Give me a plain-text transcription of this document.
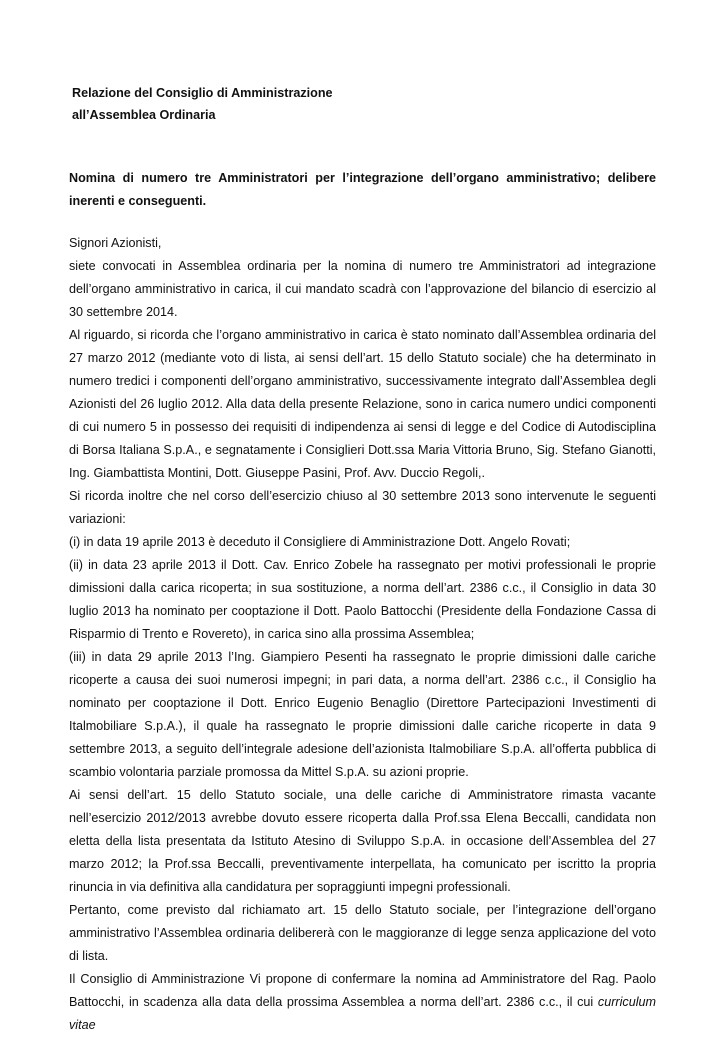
Relazione del Consiglio di Amministrazione
all’Assemblea Ordinaria
Nomina di numero tre Amministratori per l’integrazione dell’organo amministrativo; delibere inerenti e conseguenti.

Signori Azionisti,

siete convocati in Assemblea ordinaria per la nomina di numero tre Amministratori ad integrazione dell’organo amministrativo in carica, il cui mandato scadrà con l’approvazione del bilancio di esercizio al 30 settembre 2014.

Al riguardo, si ricorda che l’organo amministrativo in carica è stato nominato dall’Assemblea ordinaria del 27 marzo 2012 (mediante voto di lista, ai sensi dell’art. 15 dello Statuto sociale) che ha determinato in numero tredici i componenti dell’organo amministrativo, successivamente integrato dall’Assemblea degli Azionisti del 26 luglio 2012. Alla data della presente Relazione, sono in carica numero undici componenti di cui numero 5 in possesso dei requisiti di indipendenza ai sensi di legge e del Codice di Autodisciplina di Borsa Italiana S.p.A., e segnatamente i Consiglieri Dott.ssa Maria Vittoria Bruno, Sig. Stefano Gianotti, Ing. Giambattista Montini, Dott. Giuseppe Pasini, Prof. Avv. Duccio Regoli,.

Si ricorda inoltre che nel corso dell’esercizio chiuso al 30 settembre 2013 sono intervenute le seguenti variazioni:

(i) in data 19 aprile 2013 è deceduto il Consigliere di Amministrazione Dott. Angelo Rovati;

(ii) in data 23 aprile 2013 il Dott. Cav. Enrico Zobele ha rassegnato per motivi professionali le proprie dimissioni dalla carica ricoperta; in sua sostituzione, a norma dell’art. 2386 c.c., il Consiglio in data 30 luglio 2013 ha nominato per cooptazione il Dott. Paolo Battocchi (Presidente della Fondazione Cassa di Risparmio di Trento e Rovereto), in carica sino alla prossima Assemblea;

(iii) in data 29 aprile 2013 l’Ing. Giampiero Pesenti ha rassegnato le proprie dimissioni dalle cariche ricoperte a causa dei suoi numerosi impegni; in pari data, a norma dell’art. 2386 c.c., il Consiglio ha nominato per cooptazione il Dott. Enrico Eugenio Benaglio (Direttore Partecipazioni Investimenti di Italmobiliare S.p.A.), il quale ha rassegnato le proprie dimissioni dalle cariche ricoperte in data 9 settembre 2013, a seguito dell’integrale adesione dell’azionista Italmobiliare S.p.A. all’offerta pubblica di scambio volontaria parziale promossa da Mittel S.p.A. su azioni proprie.

Ai sensi dell’art. 15 dello Statuto sociale, una delle cariche di Amministratore rimasta vacante nell’esercizio 2012/2013 avrebbe dovuto essere ricoperta dalla Prof.ssa Elena Beccalli, candidata non eletta della lista presentata da Istituto Atesino di Sviluppo S.p.A. in occasione dell’Assemblea del 27 marzo 2012; la Prof.ssa Beccalli, preventivamente interpellata, ha comunicato per iscritto la propria rinuncia in via definitiva alla candidatura per sopraggiunti impegni professionali.

Pertanto, come previsto dal richiamato art. 15 dello Statuto sociale, per l’integrazione dell’organo amministrativo l’Assemblea ordinaria delibererà con le maggioranze di legge senza applicazione del voto di lista.

Il Consiglio di Amministrazione Vi propone di confermare la nomina ad Amministratore del Rag. Paolo Battocchi, in scadenza alla data della prossima Assemblea a norma dell’art. 2386 c.c., il cui curriculum vitae
